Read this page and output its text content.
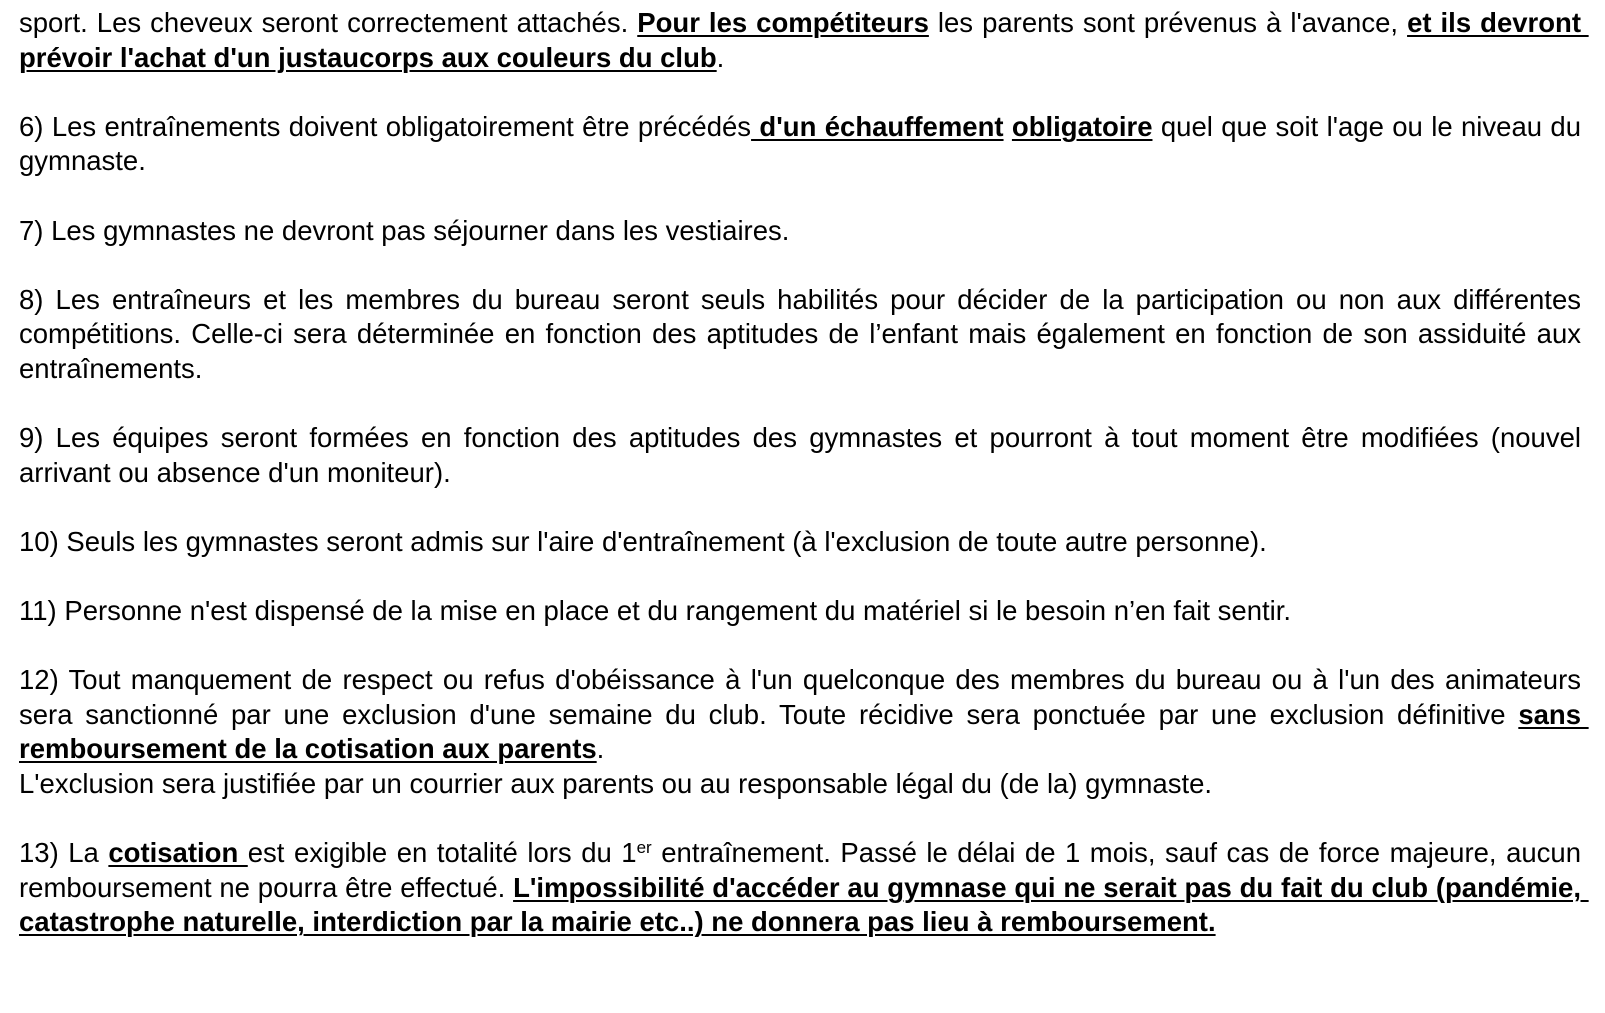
sport. Les cheveux seront correctement attachés. Pour les compétiteurs les parents sont prévenus à l'avance, et ils devront prévoir l'achat d'un justaucorps aux couleurs du club.

6) Les entraînements doivent obligatoirement être précédés d'un échauffement obligatoire quel que soit l'age ou le niveau du gymnaste.

7) Les gymnastes ne devront pas séjourner dans les vestiaires.

8) Les entraîneurs et les membres du bureau seront seuls habilités pour décider de la participation ou non aux différentes compétitions. Celle-ci sera déterminée en fonction des aptitudes de l’enfant mais également en fonction de son assiduité aux entraînements.

9) Les équipes seront formées en fonction des aptitudes des gymnastes et pourront à tout moment être modifiées (nouvel arrivant ou absence d'un moniteur).

10) Seuls les gymnastes seront admis sur l'aire d'entraînement (à l'exclusion de toute autre personne).

11) Personne n'est dispensé de la mise en place et du rangement du matériel si le besoin n’en fait sentir.

12) Tout manquement de respect ou refus d'obéissance à l'un quelconque des membres du bureau ou à l'un des animateurs sera sanctionné par une exclusion d'une semaine du club. Toute récidive sera ponctuée par une exclusion définitive sans remboursement de la cotisation aux parents.
L'exclusion sera justifiée par un courrier aux parents ou au responsable légal du (de la) gymnaste.

13) La cotisation est exigible en totalité lors du 1er entraînement. Passé le délai de 1 mois, sauf cas de force majeure, aucun remboursement ne pourra être effectué. L'impossibilité d'accéder au gymnase qui ne serait pas du fait du club (pandémie, catastrophe naturelle, interdiction par la mairie etc..) ne donnera pas lieu à remboursement.
